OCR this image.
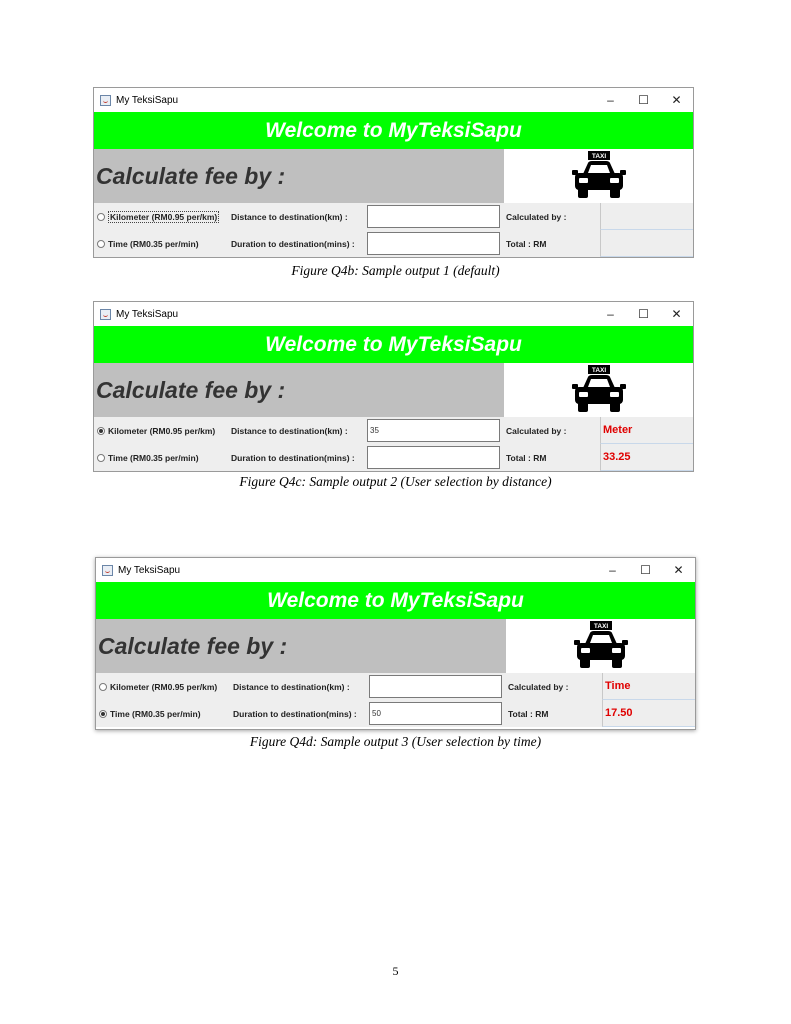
My TeksiSapu	–	☐	✕
Welcome to MyTeksiSapu
Calculate fee by :
TAXI
Kilometer (RM0.95 per/km) Distance to destination(km) :	Calculated by :
Time (RM0.35 per/min)	Duration to destination(mins) :	Total : RM
Figure Q4b: Sample output 1 (default)
My TeksiSapu	–	☐	✕
Welcome to MyTeksiSapu
Calculate fee by :
TAXI
Kilometer (RM0.95 per/km) Distance to destination(km) :	35	Calculated by :	Meter
Time (RM0.35 per/min)	Duration to destination(mins) :	Total : RM	33.25
Figure Q4c: Sample output 2 (User selection by distance)
My TeksiSapu	–	☐	✕
Welcome to MyTeksiSapu
Calculate fee by :
TAXI
Kilometer (RM0.95 per/km) Distance to destination(km) :	Calculated by :	Time
Time (RM0.35 per/min)	Duration to destination(mins) :	50	Total : RM	17.50
Figure Q4d: Sample output 3 (User selection by time)
5
